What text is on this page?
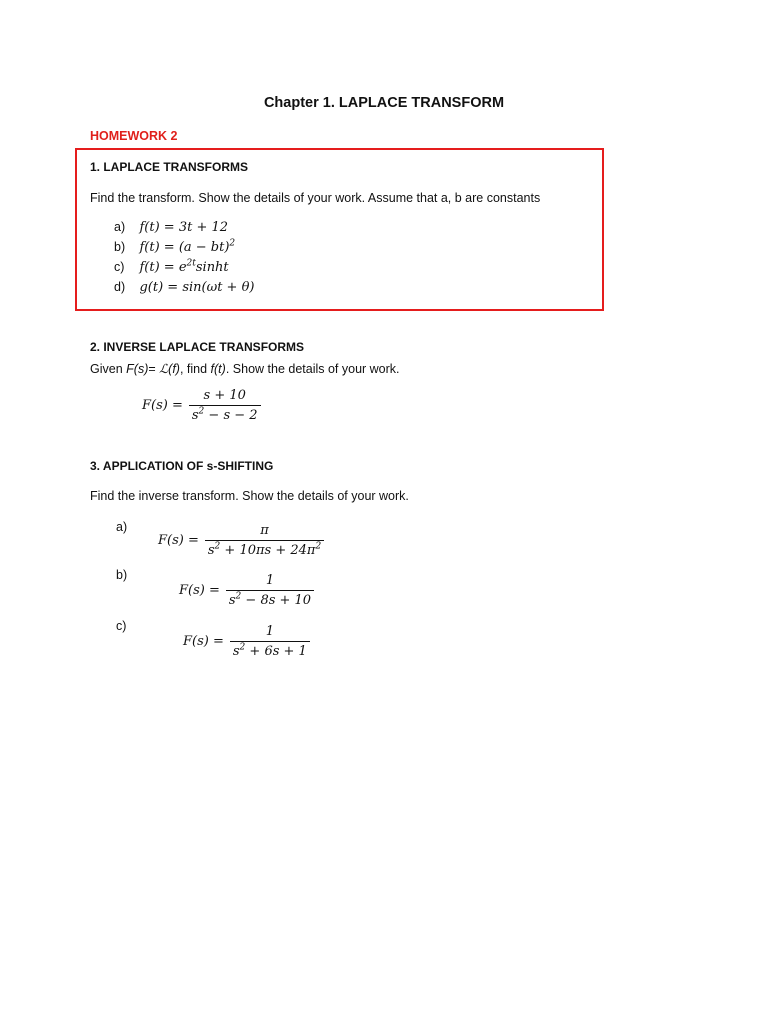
Chapter 1. LAPLACE TRANSFORM
HOMEWORK 2
1. LAPLACE TRANSFORMS
Find the transform. Show the details of your work. Assume that a, b are constants
a) f(t) = 3t + 12
b) f(t) = (a − bt)$^2$
c) $f(t) = e^{2t}\sinh t$
d) g(t) = sin(ωt + θ)
2. INVERSE LAPLACE TRANSFORMS
Given F(s)= ℒ(f), find f(t). Show the details of your work.
$F(s) = \frac{s + 10}{s^2 - s - 2}$
3. APPLICATION OF s-SHIFTING
Find the inverse transform. Show the details of your work.
a)
$F(s) = \frac{\pi}{s^2 + 10\pi s + 24\pi^2}$
b)
$F(s) = \frac{1}{s^2 - 8s + 10}$
c)
$F(s) = \frac{1}{s^2 + 6s + 1}$
